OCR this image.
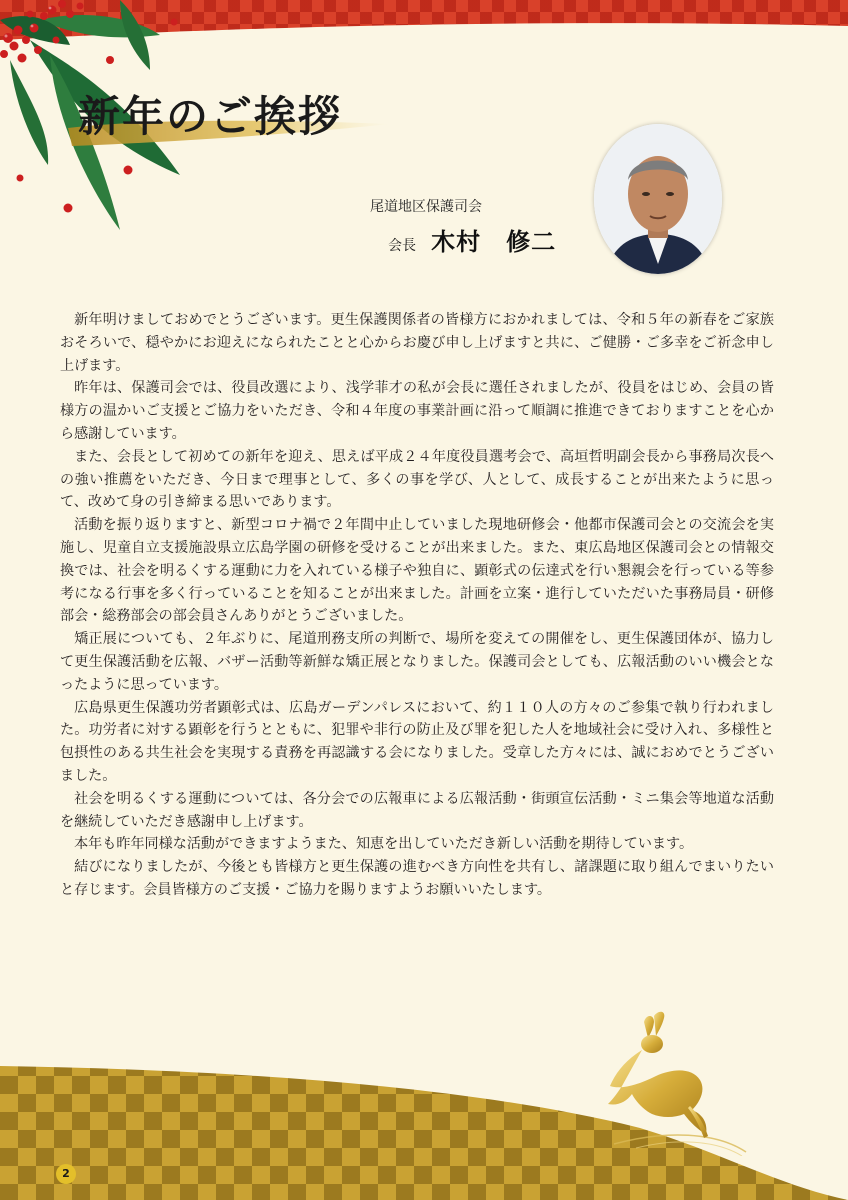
新年のご挨拶
尾道地区保護司会
会長 木村　修二

新年明けましておめでとうございます。更生保護関係者の皆様方におかれましては、令和５年の新春をご家族おそろいで、穏やかにお迎えになられたことと心からお慶び申し上げますと共に、ご健勝・ご多幸をご祈念申し上げます。

昨年は、保護司会では、役員改選により、浅学菲才の私が会長に選任されましたが、役員をはじめ、会員の皆様方の温かいご支援とご協力をいただき、令和４年度の事業計画に沿って順調に推進できておりますことを心から感謝しています。

また、会長として初めての新年を迎え、思えば平成２４年度役員選考会で、高垣哲明副会長から事務局次長への強い推薦をいただき、今日まで理事として、多くの事を学び、人として、成長することが出来たように思って、改めて身の引き締まる思いであります。

活動を振り返りますと、新型コロナ禍で２年間中止していました現地研修会・他都市保護司会との交流会を実施し、児童自立支援施設県立広島学園の研修を受けることが出来ました。また、東広島地区保護司会との情報交換では、社会を明るくする運動に力を入れている様子や独自に、顕彰式の伝達式を行い懇親会を行っている等参考になる行事を多く行っていることを知ることが出来ました。計画を立案・進行していただいた事務局員・研修部会・総務部会の部会員さんありがとうございました。

矯正展についても、２年ぶりに、尾道刑務支所の判断で、場所を変えての開催をし、更生保護団体が、協力して更生保護活動を広報、バザー活動等新鮮な矯正展となりました。保護司会としても、広報活動のいい機会となったように思っています。

広島県更生保護功労者顕彰式は、広島ガーデンパレスにおいて、約１１０人の方々のご参集で執り行われました。功労者に対する顕彰を行うとともに、犯罪や非行の防止及び罪を犯した人を地域社会に受け入れ、多様性と包摂性のある共生社会を実現する責務を再認識する会になりました。受章した方々には、誠におめでとうございました。

社会を明るくする運動については、各分会での広報車による広報活動・街頭宣伝活動・ミニ集会等地道な活動を継続していただき感謝申し上げます。

本年も昨年同様な活動ができますようまた、知恵を出していただき新しい活動を期待しています。

結びになりましたが、今後とも皆様方と更生保護の進むべき方向性を共有し、諸課題に取り組んでまいりたいと存じます。会員皆様方のご支援・ご協力を賜りますようお願いいたします。

2
